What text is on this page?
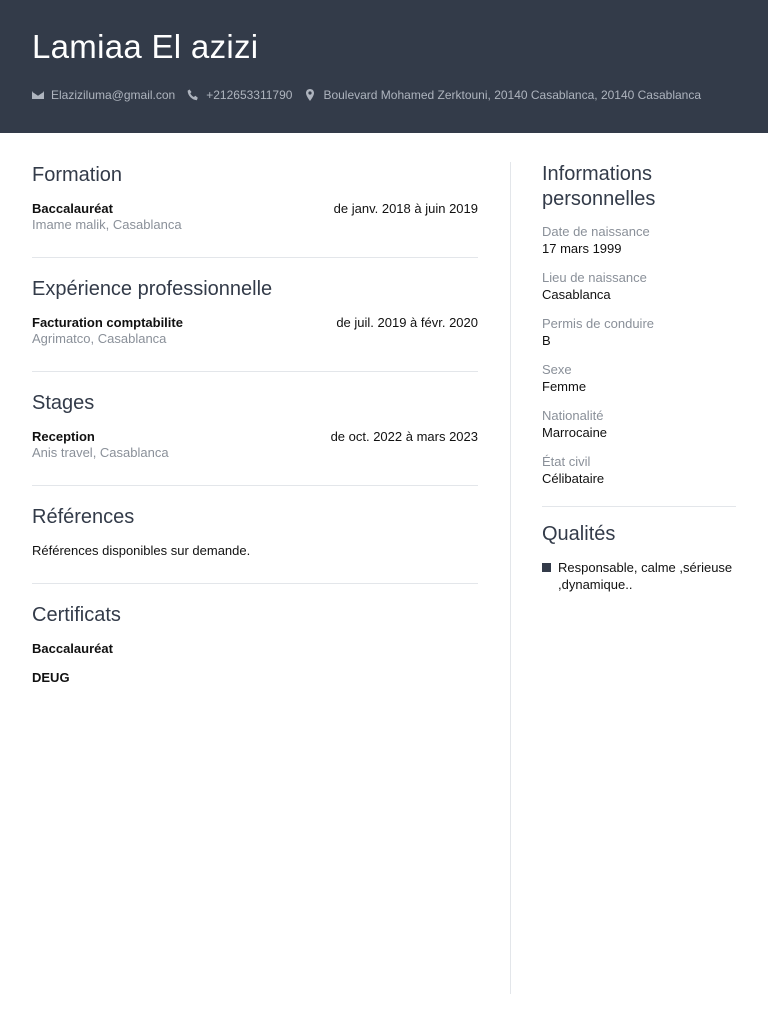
Lamiaa El azizi
Elaziziluma@gmail.con	+212653311790	Boulevard Mohamed Zerktouni, 20140 Casablanca, 20140 Casablanca
Formation
Baccalauréat	de janv. 2018 à juin 2019
Imame malik, Casablanca
Expérience professionnelle
Facturation comptabilite	de juil. 2019 à févr. 2020
Agrimatco, Casablanca
Stages
Reception	de oct. 2022 à mars 2023
Anis travel, Casablanca
Références

Références disponibles sur demande.

Certificats
Baccalauréat
DEUG
Informations personnelles
Date de naissance
17 mars 1999
Lieu de naissance
Casablanca
Permis de conduire
B
Sexe
Femme
Nationalité
Marrocaine
État civil
Célibataire
Qualités
Responsable, calme ,sérieuse ,dynamique..
